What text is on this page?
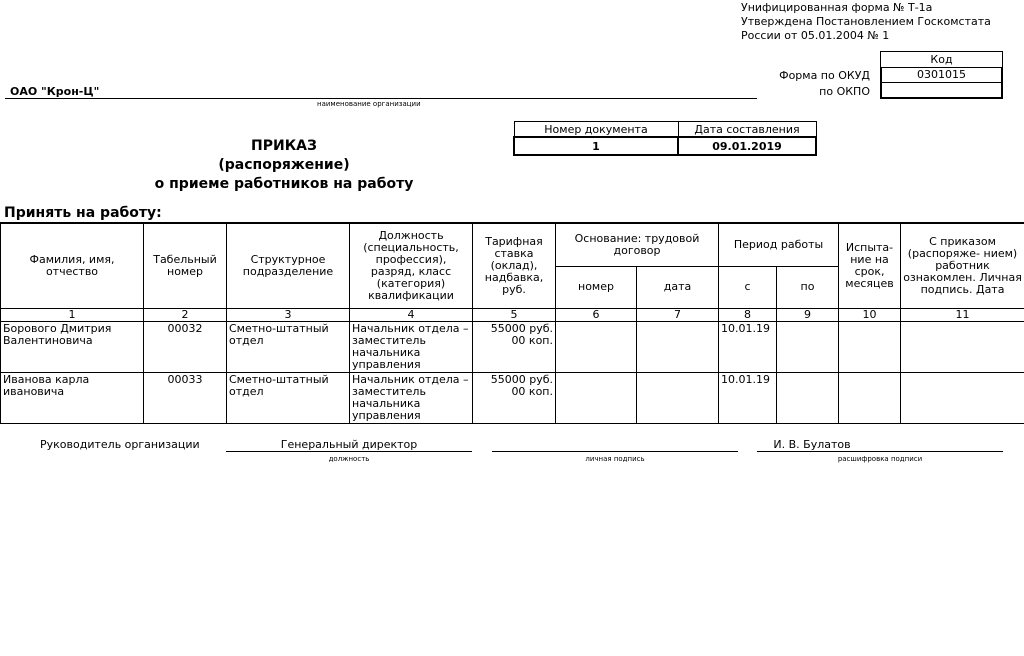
Унифицированная форма № Т-1а
Утверждена Постановлением Госкомстата
России от 05.01.2004 № 1
Код
0301015
Форма по ОКУД
по ОКПО
ОАО "Крон-Ц"
наименование организации
Номер документа	Дата составления
1	09.01.2019
ПРИКАЗ
(распоряжение)
о приеме работников на работу
Принять на работу:
Фамилия, имя, отчество	Табельный номер	Структурное подразделение	Должность (специальность, профессия), разряд, класс (категория) квалификации	Тарифная ставка (оклад), надбавка, руб.	Основание: трудовой договор		Период работы		Испыта- ние на срок, месяцев	С приказом (распоряже- нием) работник ознакомлен. Личная подпись. Дата
					номер	дата	с	по		
1	2	3	4	5	6	7	8	9	10	11
Борового Дмитрия Валентиновича	00032	Сметно-штатный отдел	Начальник отдела – заместитель начальника управления	55000 руб. 00 коп.			10.01.19			
Иванова карла ивановича	00033	Сметно-штатный отдел	Начальник отдела – заместитель начальника управления	55000 руб. 00 коп.			10.01.19			
Руководитель организации	Генеральный директор	И. В. Булатов
должность	личная подпись	расшифровка подписи
